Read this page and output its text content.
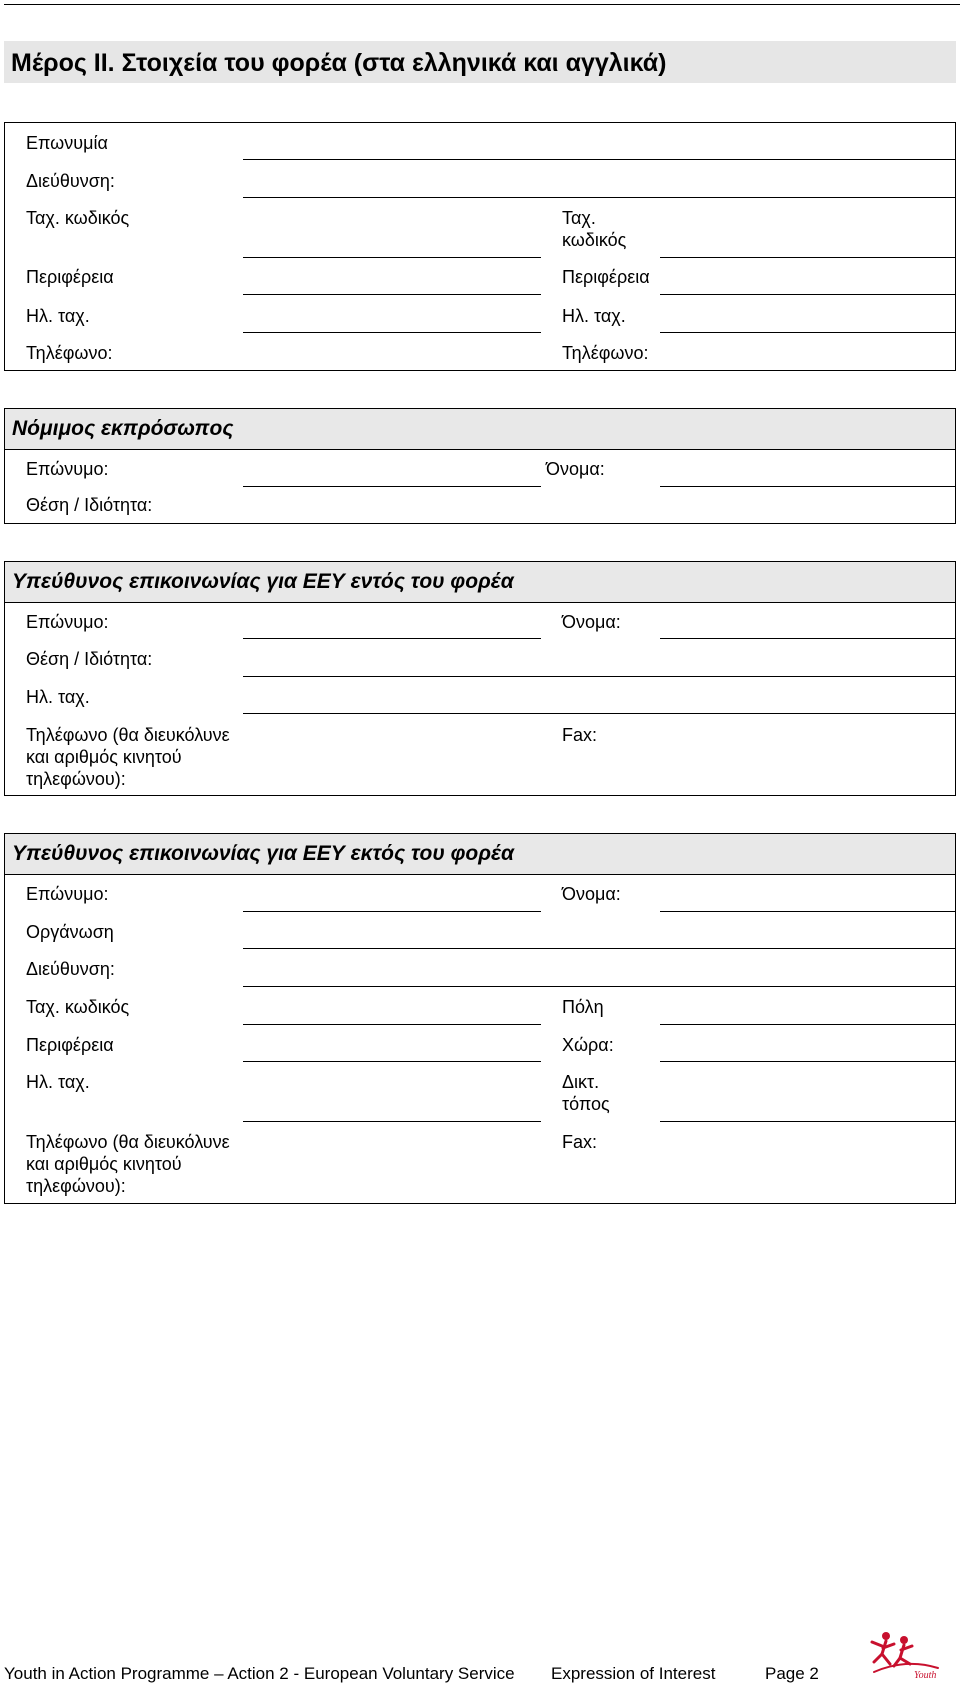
Μέρος ΙΙ. Στοιχεία του φορέα (στα ελληνικά και αγγλικά)
Επωνυμία
Διεύθυνση:
Ταχ. κωδικός	Ταχ. κωδικός
Περιφέρεια	Περιφέρεια
Ηλ. ταχ.	Ηλ. ταχ.
Τηλέφωνο:	Τηλέφωνο:
Νόμιμος εκπρόσωπος
Επώνυμο:	Όνομα:
Θέση / Ιδιότητα:
Υπεύθυνος επικοινωνίας για ΕΕΥ εντός του φορέα
Επώνυμο:	Όνομα:
Θέση / Ιδιότητα:
Ηλ. ταχ.
Τηλέφωνο (θα διευκόλυνε και αριθμός κινητού τηλεφώνου):
Fax:
Υπεύθυνος επικοινωνίας για ΕΕΥ εκτός του φορέα
Επώνυμο:	Όνομα:
Οργάνωση
Διεύθυνση:
Ταχ. κωδικός	Πόλη
Περιφέρεια	Χώρα:
Ηλ. ταχ.	Δικτ. τόπος
Τηλέφωνο (θα διευκόλυνε και αριθμός κινητού τηλεφώνου):
Fax:
Youth in Action Programme – Action 2 - European Voluntary Service Expression of Interest	Page 2	Youth
